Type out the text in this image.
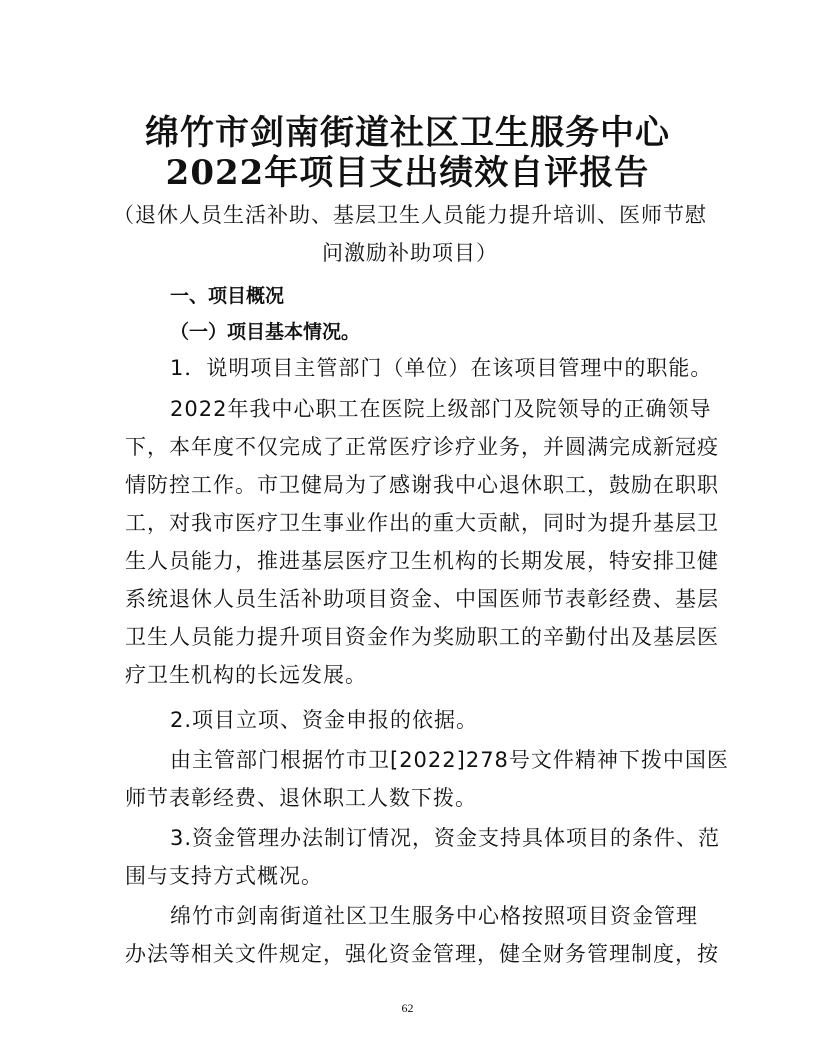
绵竹市剑南街道社区卫生服务中心
2022年项目支出绩效自评报告
（退休人员生活补助、基层卫生人员能力提升培训、医师节慰
问激励补助项目）
一、项目概况
（一）项目基本情况。
1．说明项目主管部门（单位）在该项目管理中的职能。
2022年我中心职工在医院上级部门及院领导的正确领导
下，本年度不仅完成了正常医疗诊疗业务，并圆满完成新冠疫
情防控工作。市卫健局为了感谢我中心退休职工，鼓励在职职
工，对我市医疗卫生事业作出的重大贡献，同时为提升基层卫
生人员能力，推进基层医疗卫生机构的长期发展，特安排卫健
系统退休人员生活补助项目资金、中国医师节表彰经费、基层
卫生人员能力提升项目资金作为奖励职工的辛勤付出及基层医
疗卫生机构的长远发展。
2.项目立项、资金申报的依据。
由主管部门根据竹市卫[2022]278号文件精神下拨中国医
师节表彰经费、退休职工人数下拨。
3.资金管理办法制订情况，资金支持具体项目的条件、范
围与支持方式概况。
绵竹市剑南街道社区卫生服务中心格按照项目资金管理
办法等相关文件规定，强化资金管理，健全财务管理制度，按
62
